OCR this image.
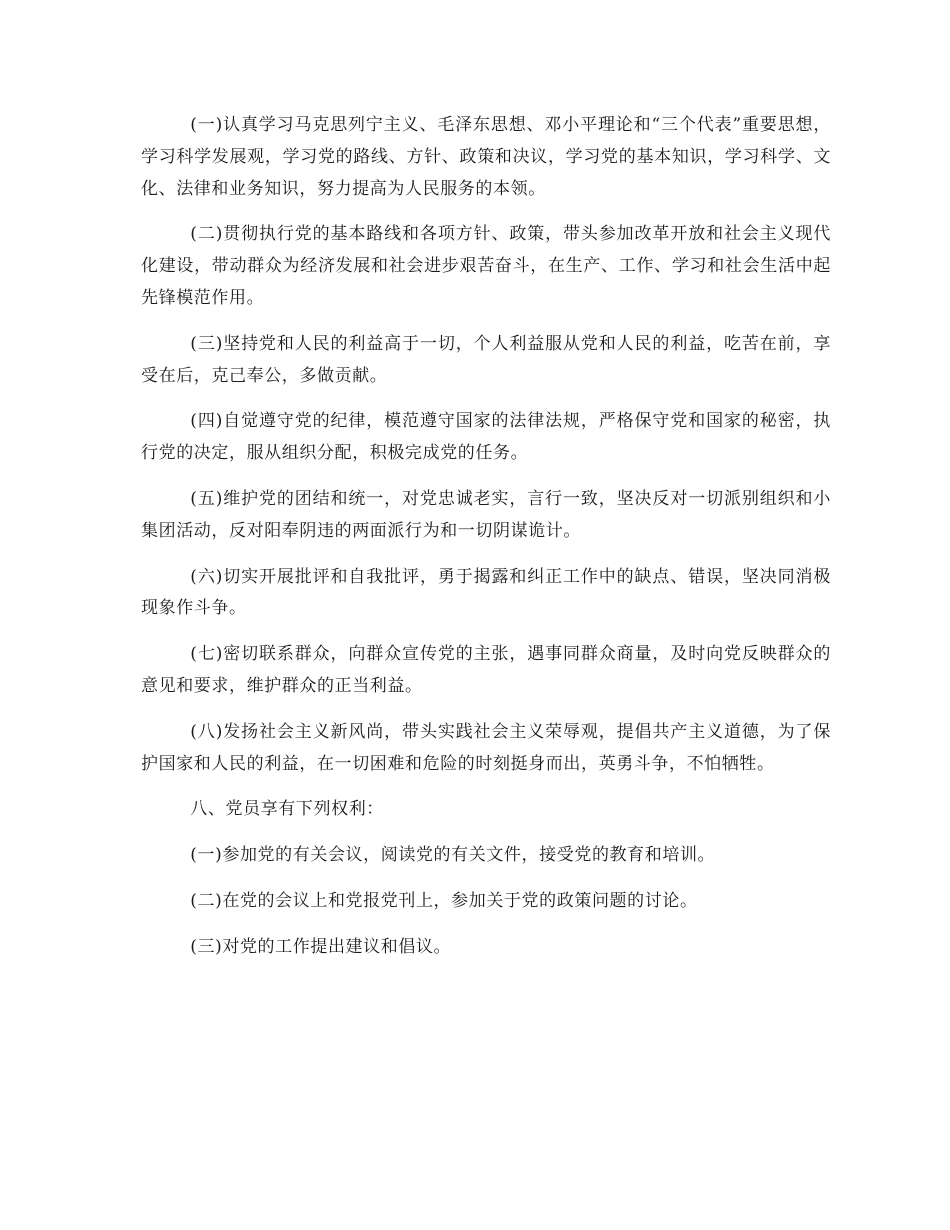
(一)认真学习马克思列宁主义、毛泽东思想、邓小平理论和“三个代表”重要思想，学习科学发展观，学习党的路线、方针、政策和决议，学习党的基本知识，学习科学、文化、法律和业务知识，努力提高为人民服务的本领。

(二)贯彻执行党的基本路线和各项方针、政策，带头参加改革开放和社会主义现代化建设，带动群众为经济发展和社会进步艰苦奋斗，在生产、工作、学习和社会生活中起先锋模范作用。

(三)坚持党和人民的利益高于一切，个人利益服从党和人民的利益，吃苦在前，享受在后，克己奉公，多做贡献。

(四)自觉遵守党的纪律，模范遵守国家的法律法规，严格保守党和国家的秘密，执行党的决定，服从组织分配，积极完成党的任务。

(五)维护党的团结和统一，对党忠诚老实，言行一致，坚决反对一切派别组织和小集团活动，反对阳奉阴违的两面派行为和一切阴谋诡计。

(六)切实开展批评和自我批评，勇于揭露和纠正工作中的缺点、错误，坚决同消极现象作斗争。

(七)密切联系群众，向群众宣传党的主张，遇事同群众商量，及时向党反映群众的意见和要求，维护群众的正当利益。

(八)发扬社会主义新风尚，带头实践社会主义荣辱观，提倡共产主义道德，为了保护国家和人民的利益，在一切困难和危险的时刻挺身而出，英勇斗争，不怕牺牲。

八、党员享有下列权利：

(一)参加党的有关会议，阅读党的有关文件，接受党的教育和培训。

(二)在党的会议上和党报党刊上，参加关于党的政策问题的讨论。

(三)对党的工作提出建议和倡议。
